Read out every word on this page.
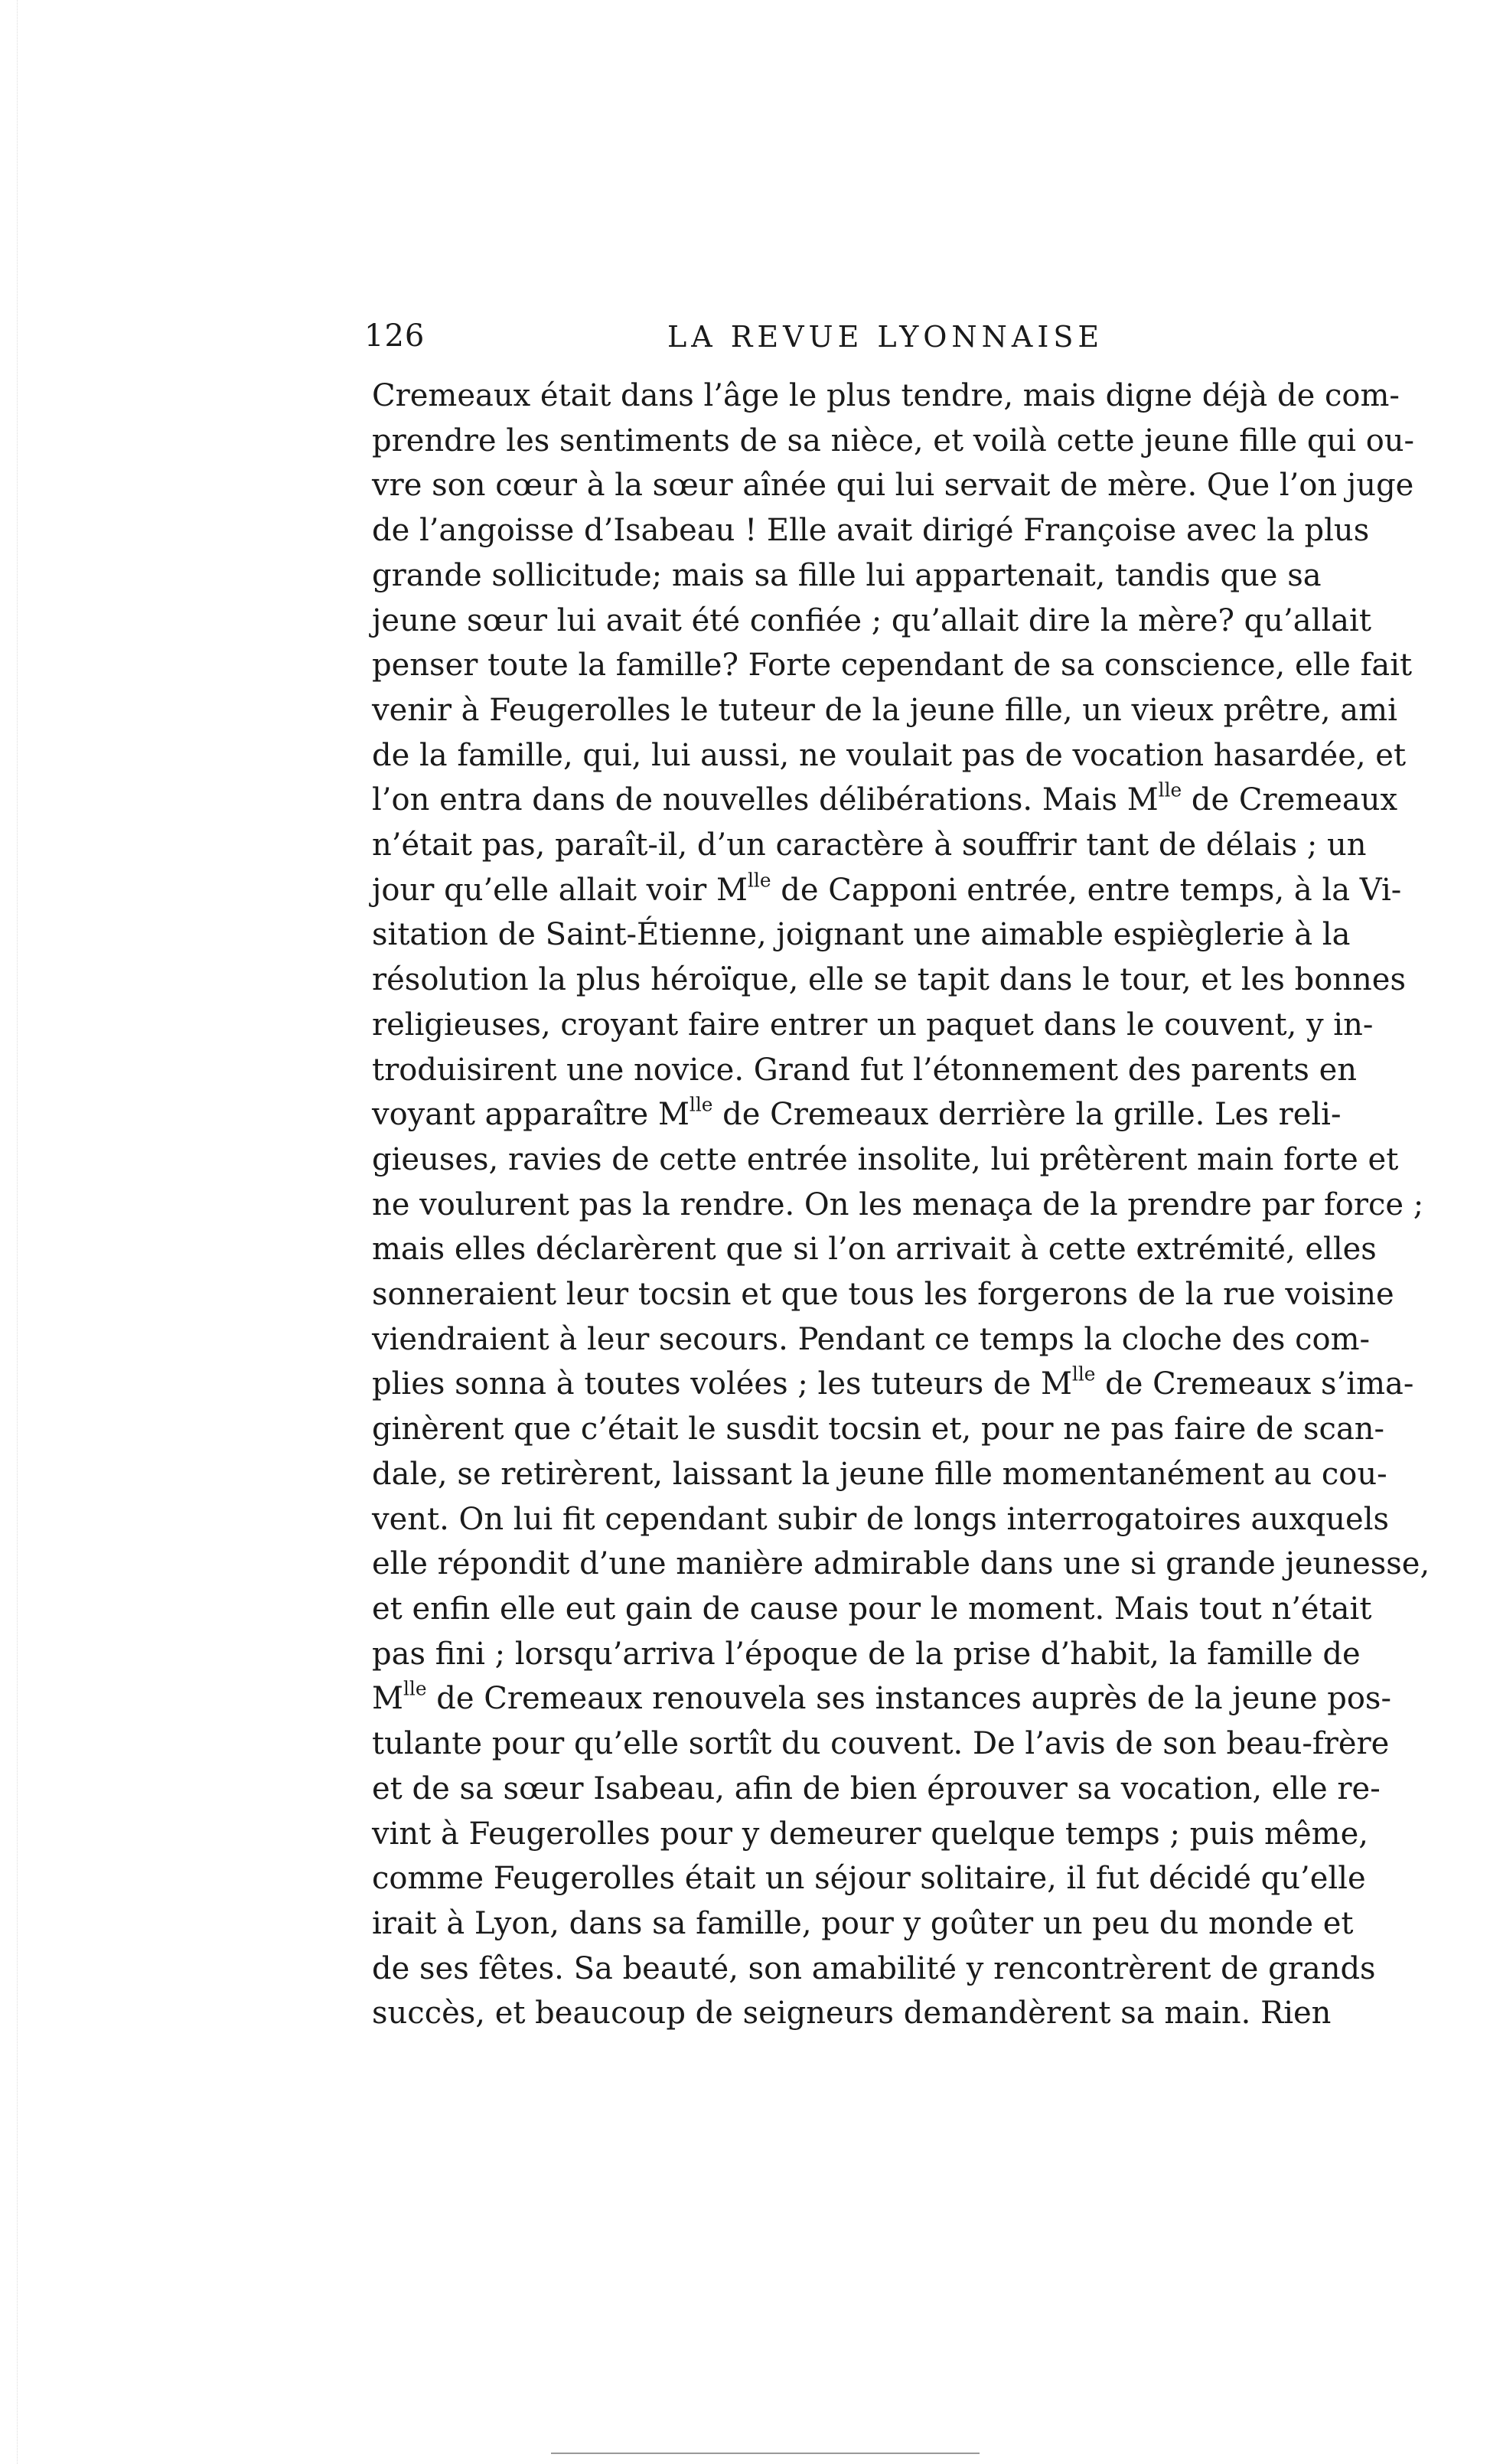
126	LA REVUE LYONNAISE
Cremeaux était dans l’âge le plus tendre, mais digne déjà de com-
prendre les sentiments de sa nièce, et voilà cette jeune fille qui ou-
vre son cœur à la sœur aînée qui lui servait de mère. Que l’on juge
de l’angoisse d’Isabeau ! Elle avait dirigé Françoise avec la plus
grande sollicitude; mais sa fille lui appartenait, tandis que sa
jeune sœur lui avait été confiée ; qu’allait dire la mère? qu’allait
penser toute la famille? Forte cependant de sa conscience, elle fait
venir à Feugerolles le tuteur de la jeune fille, un vieux prêtre, ami
de la famille, qui, lui aussi, ne voulait pas de vocation hasardée, et
l’on entra dans de nouvelles délibérations. Mais $M^{lle}$ de Cremeaux
n’était pas, paraît-il, d’un caractère à souffrir tant de délais ; un
jour qu’elle allait voir $M^{lle}$ de Capponi entrée, entre temps, à la Vi-
sitation de Saint-Étienne, joignant une aimable espièglerie à la
résolution la plus héroïque, elle se tapit dans le tour, et les bonnes
religieuses, croyant faire entrer un paquet dans le couvent, y in-
troduisirent une novice. Grand fut l’étonnement des parents en
voyant apparaître $M^{lle}$ de Cremeaux derrière la grille. Les reli-
gieuses, ravies de cette entrée insolite, lui prêtèrent main forte et
ne voulurent pas la rendre. On les menaça de la prendre par force ;
mais elles déclarèrent que si l’on arrivait à cette extrémité, elles
sonneraient leur tocsin et que tous les forgerons de la rue voisine
viendraient à leur secours. Pendant ce temps la cloche des com-
plies sonna à toutes volées ; les tuteurs de $M^{lle}$ de Cremeaux s’ima-
ginèrent que c’était le susdit tocsin et, pour ne pas faire de scan-
dale, se retirèrent, laissant la jeune fille momentanément au cou-
vent. On lui fit cependant subir de longs interrogatoires auxquels
elle répondit d’une manière admirable dans une si grande jeunesse,
et enfin elle eut gain de cause pour le moment. Mais tout n’était
pas fini ; lorsqu’arriva l’époque de la prise d’habit, la famille de
$M^{lle}$ de Cremeaux renouvela ses instances auprès de la jeune pos-
tulante pour qu’elle sortît du couvent. De l’avis de son beau-frère
et de sa sœur Isabeau, afin de bien éprouver sa vocation, elle re-
vint à Feugerolles pour y demeurer quelque temps ; puis même,
comme Feugerolles était un séjour solitaire, il fut décidé qu’elle
irait à Lyon, dans sa famille, pour y goûter un peu du monde et
de ses fêtes. Sa beauté, son amabilité y rencontrèrent de grands
succès, et beaucoup de seigneurs demandèrent sa main. Rien
